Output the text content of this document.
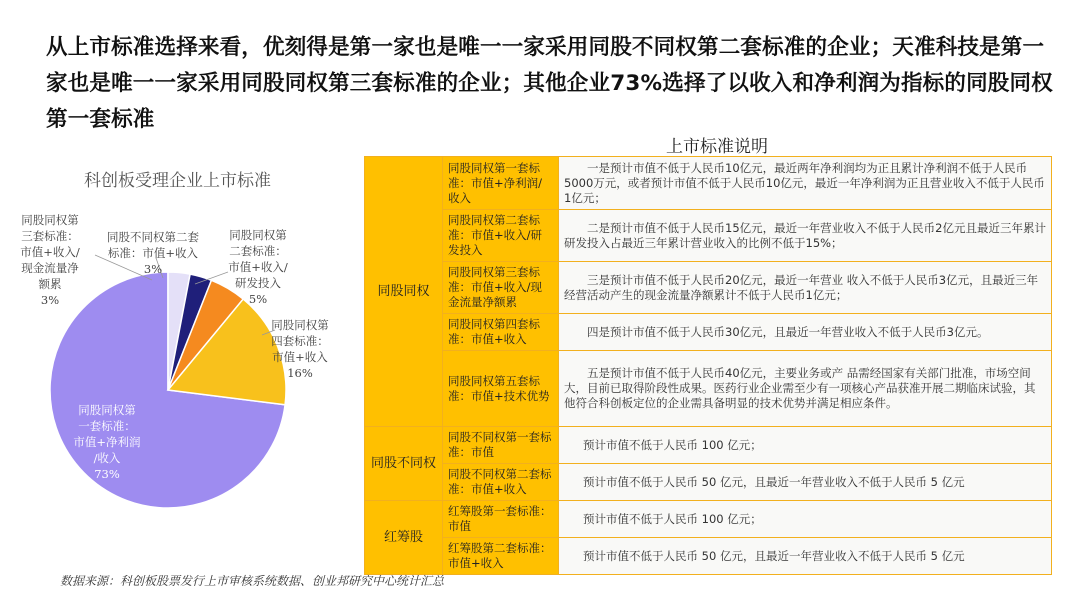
从上市标准选择来看，优刻得是第一家也是唯一一家采用同股不同权第二套标准的企业；天准科技是第一家也是唯一一家采用同股同权第三套标准的企业；其他企业73%选择了以收入和净利润为指标的同股同权第一套标准
科创板受理企业上市标准
同股同权第
一套标准：
市值+净利润
/收入
73%
同股同权第
三套标准：
市值+收入/
现金流量净
额累
3%
同股不同权第二套
标准：市值+收入
3%
同股同权第
二套标准：
市值+收入/
研发投入
5%
同股同权第
四套标准：
市值+收入
16%
上市标准说明
同股同权	同股同权第一套标准：市值+净利润/收入	一是预计市值不低于人民币10亿元，最近两年净利润均为正且累计净利润不低于人民币5000万元，或者预计市值不低于人民币10亿元，最近一年净利润为正且营业收入不低于人民币1亿元；
	同股同权第二套标准：市值+收入/研发投入	二是预计市值不低于人民币15亿元，最近一年营业收入不低于人民币2亿元且最近三年累计研发投入占最近三年累计营业收入的比例不低于15%；
	同股同权第三套标准：市值+收入/现金流量净额累	三是预计市值不低于人民币20亿元，最近一年营业 收入不低于人民币3亿元，且最近三年经营活动产生的现金流量净额累计不低于人民币1亿元；
	同股同权第四套标准：市值+收入	四是预计市值不低于人民币30亿元，且最近一年营业收入不低于人民币3亿元。
	同股同权第五套标准：市值+技术优势	五是预计市值不低于人民币40亿元，主要业务或产 品需经国家有关部门批准，市场空间大，目前已取得阶段性成果。医药行业企业需至少有一项核心产品获准开展二期临床试验，其他符合科创板定位的企业需具备明显的技术优势并满足相应条件。
同股不同权	同股不同权第一套标准：市值	预计市值不低于人民币 100 亿元；
	同股不同权第二套标准：市值+收入	预计市值不低于人民币 50 亿元，且最近一年营业收入不低于人民币 5 亿元
红筹股	红筹股第一套标准：市值	预计市值不低于人民币 100 亿元；
	红筹股第二套标准：市值+收入	预计市值不低于人民币 50 亿元，且最近一年营业收入不低于人民币 5 亿元
数据来源：科创板股票发行上市审核系统数据、创业邦研究中心统计汇总
